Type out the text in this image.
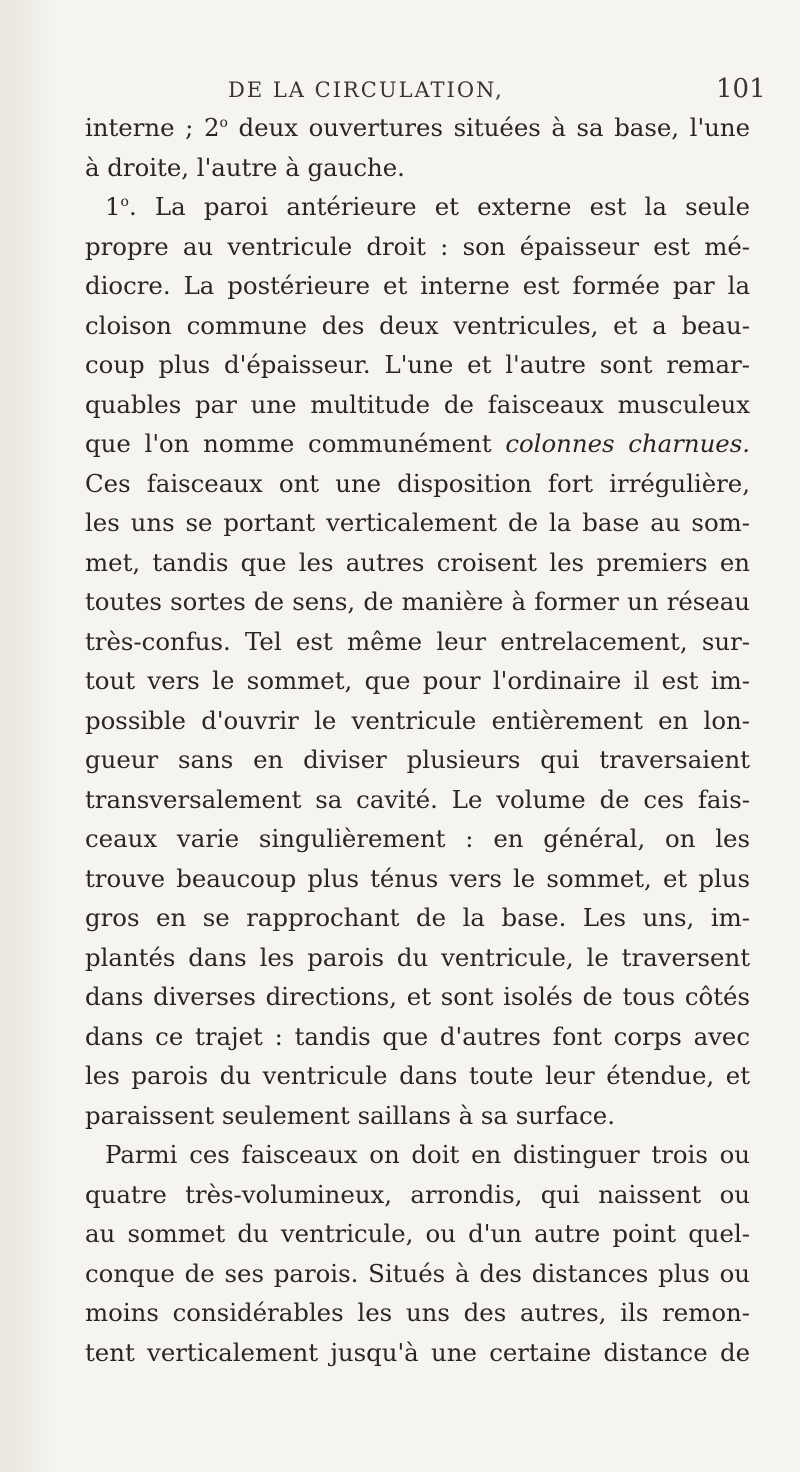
DE LA CIRCULATION,	101
interne ; 2$^o$ deux ouvertures situées à sa base, l'une
à droite, l'autre à gauche.
1$^o$. La paroi antérieure et externe est la seule
propre au ventricule droit : son épaisseur est mé-
diocre. La postérieure et interne est formée par la
cloison commune des deux ventricules, et a beau-
coup plus d'épaisseur. L'une et l'autre sont remar-
quables par une multitude de faisceaux musculeux
que l'on nomme communément colonnes charnues.
Ces faisceaux ont une disposition fort irrégulière,
les uns se portant verticalement de la base au som-
met, tandis que les autres croisent les premiers en
toutes sortes de sens, de manière à former un réseau
très-confus. Tel est même leur entrelacement, sur-
tout vers le sommet, que pour l'ordinaire il est im-
possible d'ouvrir le ventricule entièrement en lon-
gueur sans en diviser plusieurs qui traversaient
transversalement sa cavité. Le volume de ces fais-
ceaux varie singulièrement : en général, on les
trouve beaucoup plus ténus vers le sommet, et plus
gros en se rapprochant de la base. Les uns, im-
plantés dans les parois du ventricule, le traversent
dans diverses directions, et sont isolés de tous côtés
dans ce trajet : tandis que d'autres font corps avec
les parois du ventricule dans toute leur étendue, et
paraissent seulement saillans à sa surface.
Parmi ces faisceaux on doit en distinguer trois ou
quatre très-volumineux, arrondis, qui naissent ou
au sommet du ventricule, ou d'un autre point quel-
conque de ses parois. Situés à des distances plus ou
moins considérables les uns des autres, ils remon-
tent verticalement jusqu'à une certaine distance de
